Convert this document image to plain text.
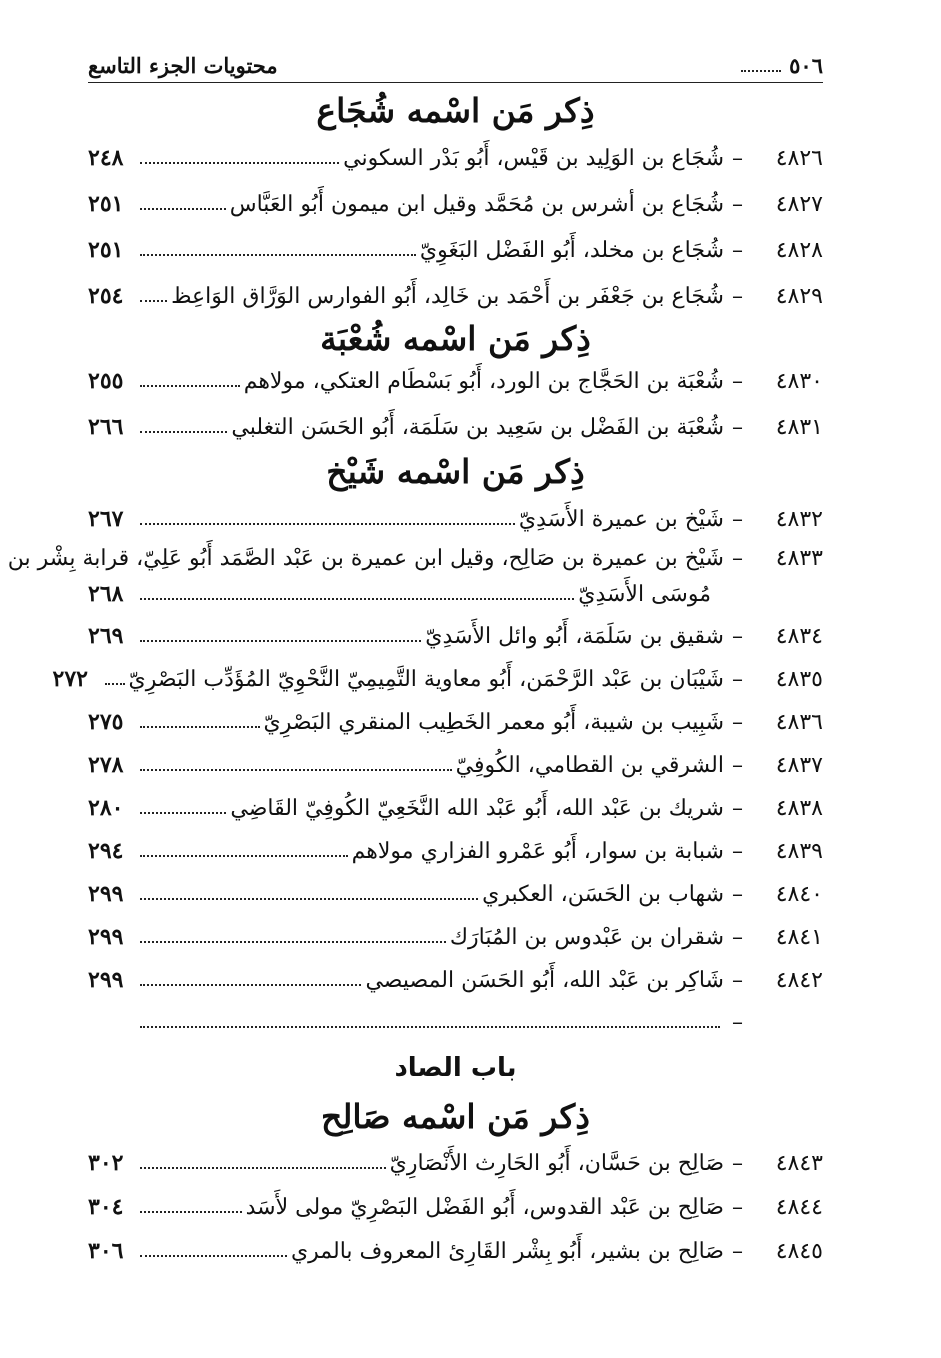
٥٠٦
محتويات الجزء التاسع
ذِكر مَن اسْمه شُجَاع
٤٨٢٦
–
شُجَاع بن الوَلِيد بن قَيْس، أَبُو بَدْر السكوني
٢٤٨
٤٨٢٧
–
شُجَاع بن أشرس بن مُحَمَّد وقيل ابن ميمون أَبُو العَبَّاس
٢٥١
٤٨٢٨
–
شُجَاع بن مخلد، أَبُو الفَضْل البَغَوِيّ
٢٥١
٤٨٢٩
–
شُجَاع بن جَعْفَر بن أَحْمَد بن خَالِد، أَبُو الفوارس الوَرَّاق الوَاعِظ
٢٥٤
ذِكر مَن اسْمه شُعْبَة
٤٨٣٠
–
شُعْبَة بن الحَجَّاج بن الورد، أَبُو بَسْطَام العتكي، مولاهم
٢٥٥
٤٨٣١
–
شُعْبَة بن الفَضْل بن سَعِيد بن سَلَمَة، أَبُو الحَسَن التغلبي
٢٦٦
ذِكر مَن اسْمه شَيْخ
٤٨٣٢
–
شَيْخ بن عميرة الأَسَدِيّ
٢٦٧
٤٨٣٣
–
شَيْخ بن عميرة بن صَالِح، وقيل ابن عميرة بن عَبْد الصَّمَد أَبُو عَلِيّ، قرابة بِشْر بن
مُوسَى الأَسَدِيّ
٢٦٨
٤٨٣٤
–
شقيق بن سَلَمَة، أَبُو وائل الأَسَدِيّ
٢٦٩
٤٨٣٥
–
شَيْبَان بن عَبْد الرَّحْمَن، أَبُو معاوية التَّمِيمِيّ النَّحْوِيّ المُؤَدِّب البَصْرِيّ
٢٧٢
٤٨٣٦
–
شَبِيب بن شيبة، أَبُو معمر الخَطِيب المنقري البَصْرِيّ
٢٧٥
٤٨٣٧
–
الشرقي بن القطامي، الكُوفِيّ
٢٧٨
٤٨٣٨
–
شريك بن عَبْد الله، أَبُو عَبْد الله النَّخَعِيّ الكُوفِيّ القَاضِي
٢٨٠
٤٨٣٩
–
شبابة بن سوار، أَبُو عَمْرو الفزاري مولاهم
٢٩٤
٤٨٤٠
–
شهاب بن الحَسَن، العكبري
٢٩٩
٤٨٤١
–
شقران بن عَبْدوس بن المُبَارَك
٢٩٩
٤٨٤٢
–
شَاكِر بن عَبْد الله، أَبُو الحَسَن المصيصي
٢٩٩
–
باب الصاد
ذِكر مَن اسْمه صَالِح
٤٨٤٣
–
صَالِح بن حَسَّان، أَبُو الحَارِث الأَنْصَارِيّ
٣٠٢
٤٨٤٤
–
صَالِح بن عَبْد القدوس، أَبُو الفَضْل البَصْرِيّ مولى لأَسَد
٣٠٤
٤٨٤٥
–
صَالِح بن بشير، أَبُو بِشْر القَارِئ المعروف بالمري
٣٠٦
